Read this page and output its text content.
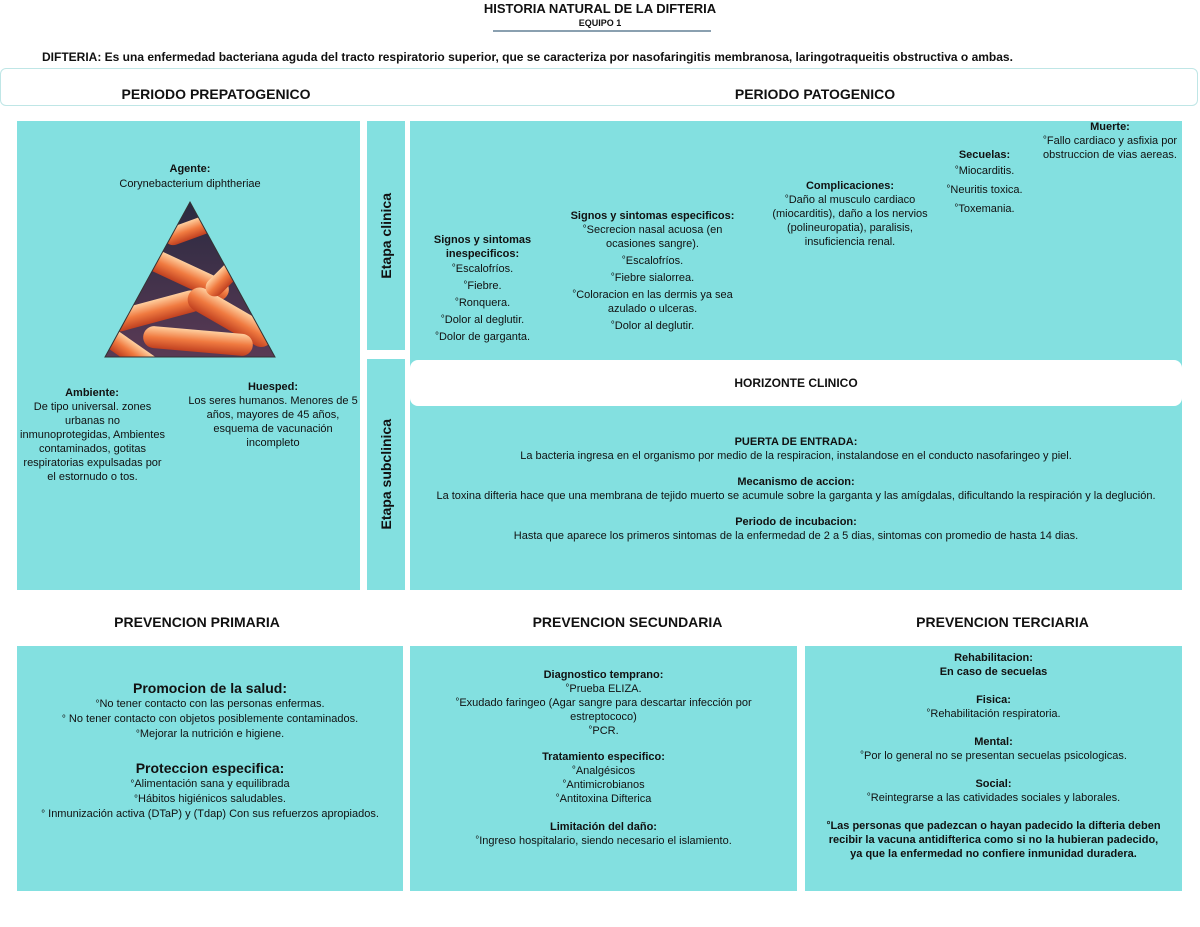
HISTORIA NATURAL DE LA DIFTERIA
EQUIPO 1
DIFTERIA: Es una enfermedad bacteriana aguda del tracto respiratorio superior, que se caracteriza por nasofaringitis membranosa, laringotraqueitis obstructiva o ambas.
PERIODO PREPATOGENICO	PERIODO PATOGENICO
Agente:
Corynebacterium diphtheriae
Ambiente:
De tipo universal. zones urbanas no inmunoprotegidas, Ambientes contaminados, gotitas respiratorias expulsadas por el estornudo o tos.
Huesped:
Los seres humanos. Menores de 5 años, mayores de 45 años, esquema de vacunación incompleto
Etapa clinica
Etapa subclinica
Signos y sintomas inespecificos:
° Escalofríos.
° Fiebre.
° Ronquera.
° Dolor al deglutir.
° Dolor de garganta.
Signos y sintomas especificos:
° Secrecion nasal acuosa (en ocasiones sangre).
° Escalofríos.
° Fiebre sialorrea.
° Coloracion en las dermis ya sea azulado o ulceras.
° Dolor al deglutir.
Complicaciones:
° Daño al musculo cardiaco (miocarditis), daño a los nervios (polineuropatia), paralisis, insuficiencia renal.
Secuelas:
° Miocarditis.
° Neuritis toxica.
° Toxemania.
Muerte:
° Fallo cardiaco y asfixia por obstruccion de vias aereas.
HORIZONTE CLINICO
PUERTA DE ENTRADA:
La bacteria ingresa en el organismo por medio de la respiracion, instalandose en el conducto nasofaringeo y piel.
Mecanismo de accion:
La toxina difteria hace que una membrana de tejido muerto se acumule sobre la garganta y las amígdalas, dificultando la respiración y la deglución.
Periodo de incubacion:
Hasta que aparece los primeros sintomas de la enfermedad de 2 a 5 dias, sintomas con promedio de hasta 14 dias.
PREVENCION PRIMARIA	PREVENCION SECUNDARIA	PREVENCION TERCIARIA
Promocion de la salud:
° No tener contacto con las personas enfermas.
° No tener contacto con objetos posiblemente contaminados.
° Mejorar la nutrición e higiene.
Proteccion especifica:
° Alimentación sana y equilibrada
° Hábitos higiénicos saludables.
° Inmunización activa (DTaP) y (Tdap) Con sus refuerzos apropiados.
Diagnostico temprano:
° Prueba ELIZA.
° Exudado faringeo (Agar sangre para descartar infección por estreptococo)
° PCR.
Tratamiento especifico:
° Analgésicos
° Antimicrobianos
° Antitoxina Difterica
Limitación del daño:
° Ingreso hospitalario, siendo necesario el islamiento.
Rehabilitacion:
En caso de secuelas
Fisica:
° Rehabilitación respiratoria.
Mental:
° Por lo general no se presentan secuelas psicologicas.
Social:
° Reintegrarse a las catividades sociales y laborales.
° Las personas que padezcan o hayan padecido la difteria deben recibir la vacuna antidifterica como si no la hubieran padecido, ya que la enfermedad no confiere inmunidad duradera.
